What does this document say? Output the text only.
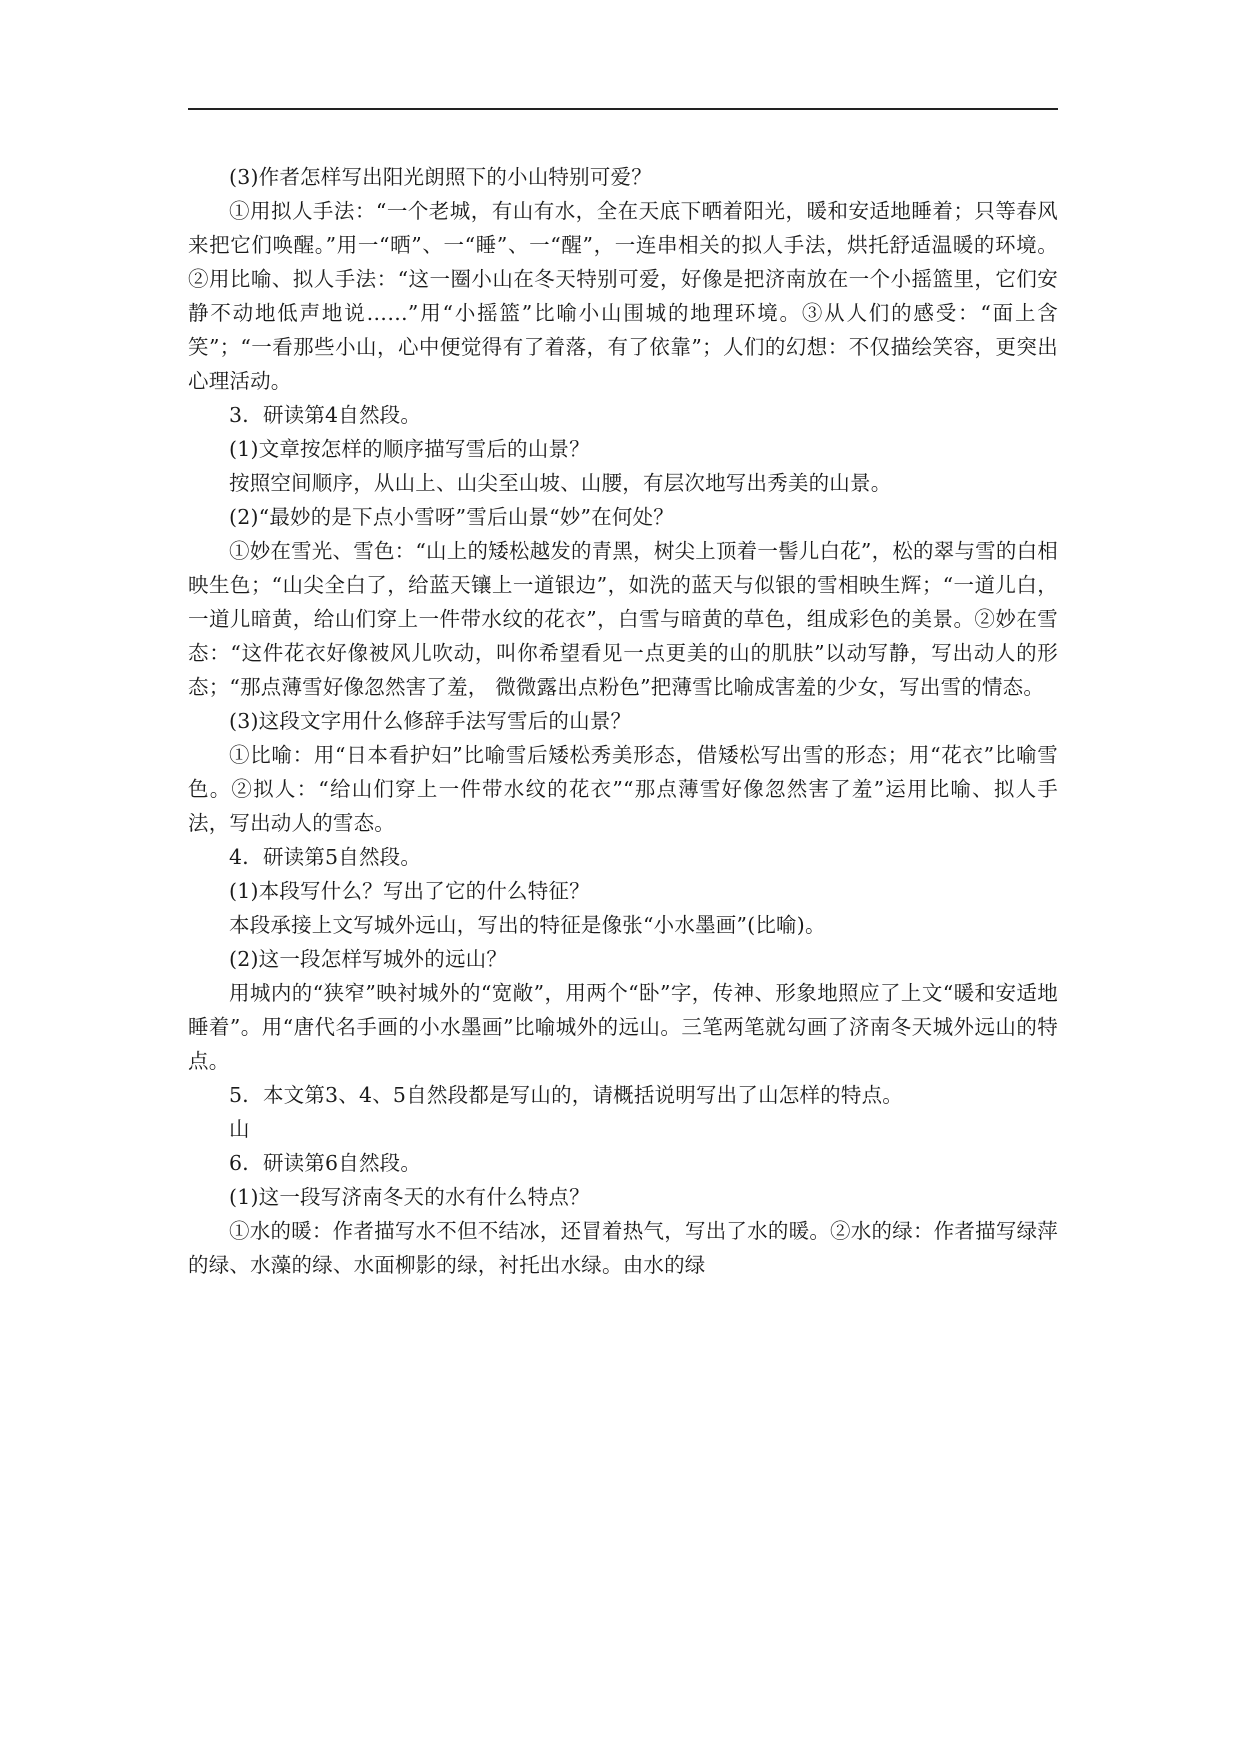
(3)作者怎样写出阳光朗照下的小山特别可爱？

①用拟人手法：“一个老城，有山有水，全在天底下晒着阳光，暖和安适地睡着；只等春风来把它们唤醒。”用一“晒”、一“睡”、一“醒”，一连串相关的拟人手法，烘托舒适温暖的环境。②用比喻、拟人手法：“这一圈小山在冬天特别可爱，好像是把济南放在一个小摇篮里，它们安静不动地低声地说……”用“小摇篮”比喻小山围城的地理环境。③从人们的感受：“面上含笑”；“一看那些小山，心中便觉得有了着落，有了依靠”；人们的幻想：不仅描绘笑容，更突出心理活动。

3．研读第4自然段。

(1)文章按怎样的顺序描写雪后的山景？

按照空间顺序，从山上、山尖至山坡、山腰，有层次地写出秀美的山景。

(2)“最妙的是下点小雪呀”雪后山景“妙”在何处？

①妙在雪光、雪色：“山上的矮松越发的青黑，树尖上顶着一髻儿白花”，松的翠与雪的白相映生色；“山尖全白了，给蓝天镶上一道银边”，如洗的蓝天与似银的雪相映生辉；“一道儿白，一道儿暗黄，给山们穿上一件带水纹的花衣”，白雪与暗黄的草色，组成彩色的美景。②妙在雪态：“这件花衣好像被风儿吹动，叫你希望看见一点更美的山的肌肤”以动写静，写出动人的形态；“那点薄雪好像忽然害了羞， 微微露出点粉色”把薄雪比喻成害羞的少女，写出雪的情态。

(3)这段文字用什么修辞手法写雪后的山景？

①比喻：用“日本看护妇”比喻雪后矮松秀美形态，借矮松写出雪的形态；用“花衣”比喻雪色。②拟人：“给山们穿上一件带水纹的花衣”“那点薄雪好像忽然害了羞”运用比喻、拟人手法，写出动人的雪态。

4．研读第5自然段。

(1)本段写什么？写出了它的什么特征？

本段承接上文写城外远山，写出的特征是像张“小水墨画”(比喻)。

(2)这一段怎样写城外的远山？

用城内的“狭窄”映衬城外的“宽敞”，用两个“卧”字，传神、形象地照应了上文“暖和安适地睡着”。用“唐代名手画的小水墨画”比喻城外的远山。三笔两笔就勾画了济南冬天城外远山的特点。

5．本文第3、4、5自然段都是写山的，请概括说明写出了山怎样的特点。

山

6．研读第6自然段。

(1)这一段写济南冬天的水有什么特点？

①水的暖：作者描写水不但不结冰，还冒着热气，写出了水的暖。②水的绿：作者描写绿萍的绿、水藻的绿、水面柳影的绿，衬托出水绿。由水的绿
